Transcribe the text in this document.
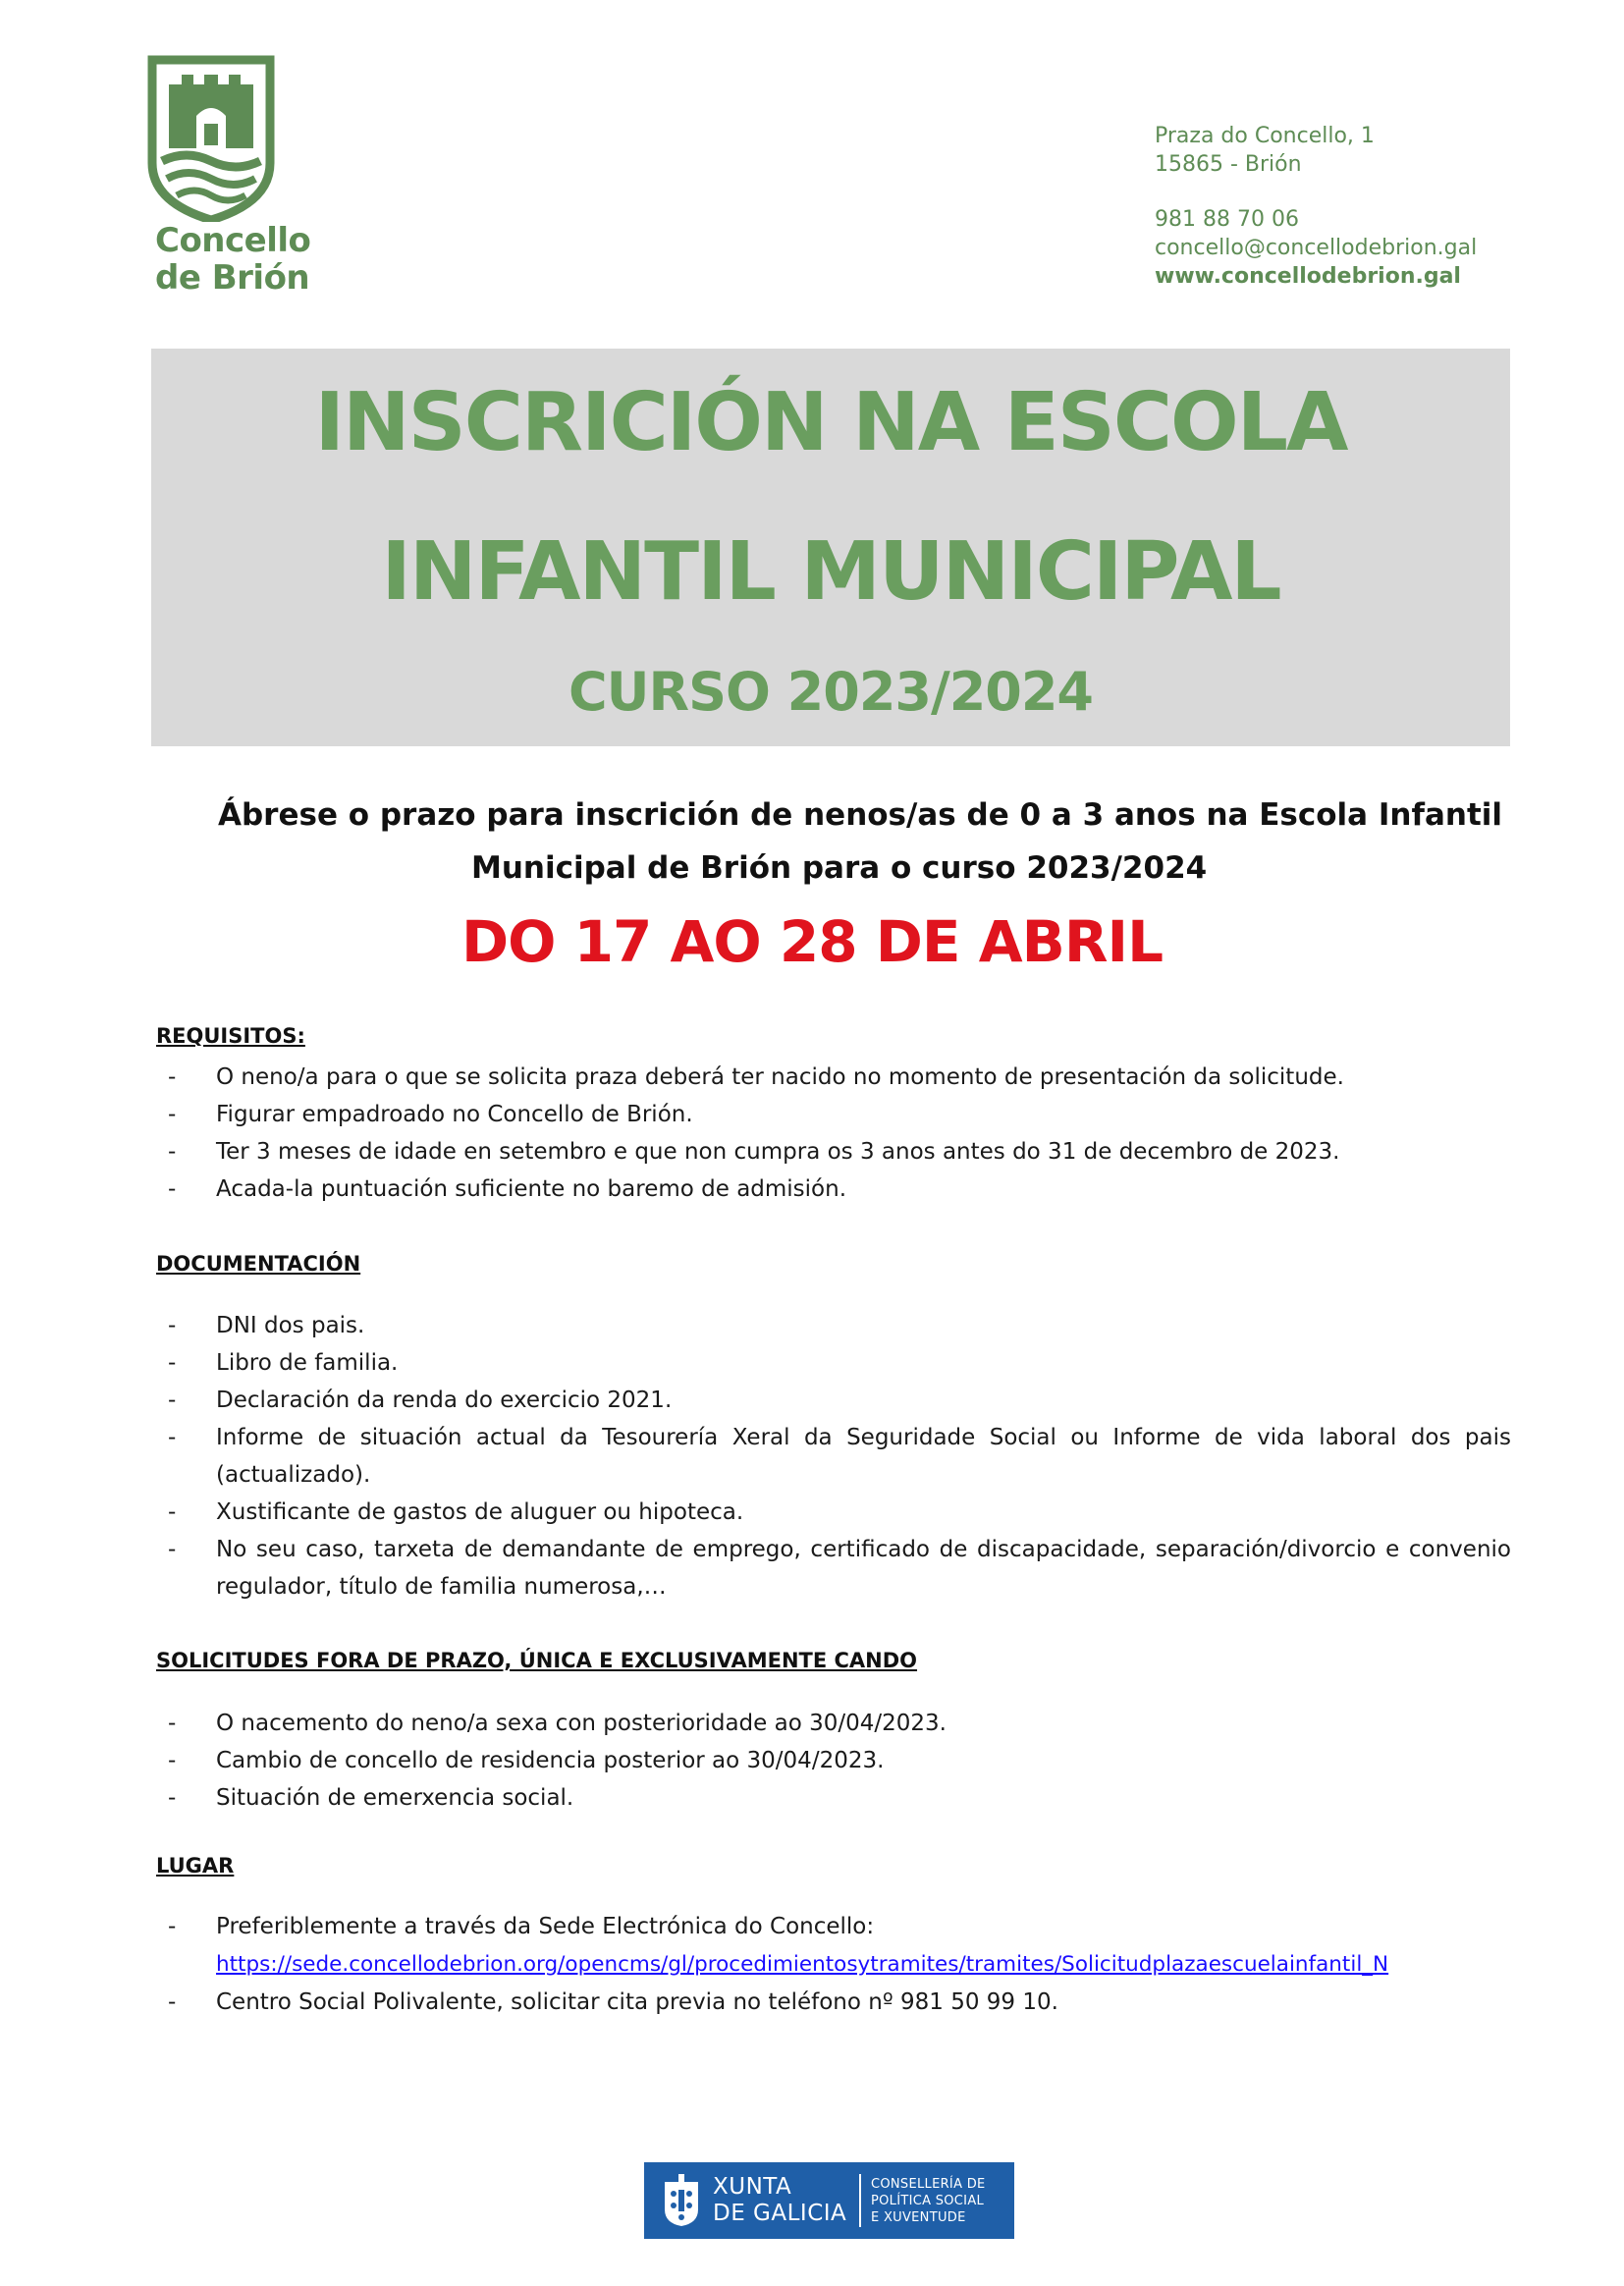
Concello
de Brión
Praza do Concello, 1
15865 - Brión
981 88 70 06
concello@concellodebrion.gal
www.concellodebrion.gal
INSCRICIÓN NA ESCOLA
INFANTIL MUNICIPAL
CURSO 2023/2024
Ábrese o prazo para inscrición de nenos/as de 0 a 3 anos na Escola Infantil
Municipal de Brión para o curso 2023/2024
DO 17 AO 28 DE ABRIL
REQUISITOS:
- O neno/a para o que se solicita praza deberá ter nacido no momento de presentación da solicitude.
- Figurar empadroado no Concello de Brión.
- Ter 3 meses de idade en setembro e que non cumpra os 3 anos antes do 31 de decembro de 2023.
- Acada-la puntuación suficiente no baremo de admisión.
DOCUMENTACIÓN
- DNI dos pais.
- Libro de familia.
- Declaración da renda do exercicio 2021.
- Informe de situación actual da Tesourería Xeral da Seguridade Social ou Informe de vida laboral dos pais (actualizado).
- Xustificante de gastos de aluguer ou hipoteca.
- No seu caso, tarxeta de demandante de emprego, certificado de discapacidade, separación/divorcio e convenio regulador, título de familia numerosa,…
SOLICITUDES FORA DE PRAZO, ÚNICA E EXCLUSIVAMENTE CANDO
- O nacemento do neno/a sexa con posterioridade ao 30/04/2023.
- Cambio de concello de residencia posterior ao 30/04/2023.
- Situación de emerxencia social.
LUGAR
- Preferiblemente a través da Sede Electrónica do Concello:
https://sede.concellodebrion.org/opencms/gl/procedimientosytramites/tramites/Solicitudplazaescuelainfantil_N
- Centro Social Polivalente, solicitar cita previa no teléfono nº 981 50 99 10.
XUNTA
DE GALICIA
CONSELLERÍA DE
POLÍTICA SOCIAL
E XUVENTUDE
